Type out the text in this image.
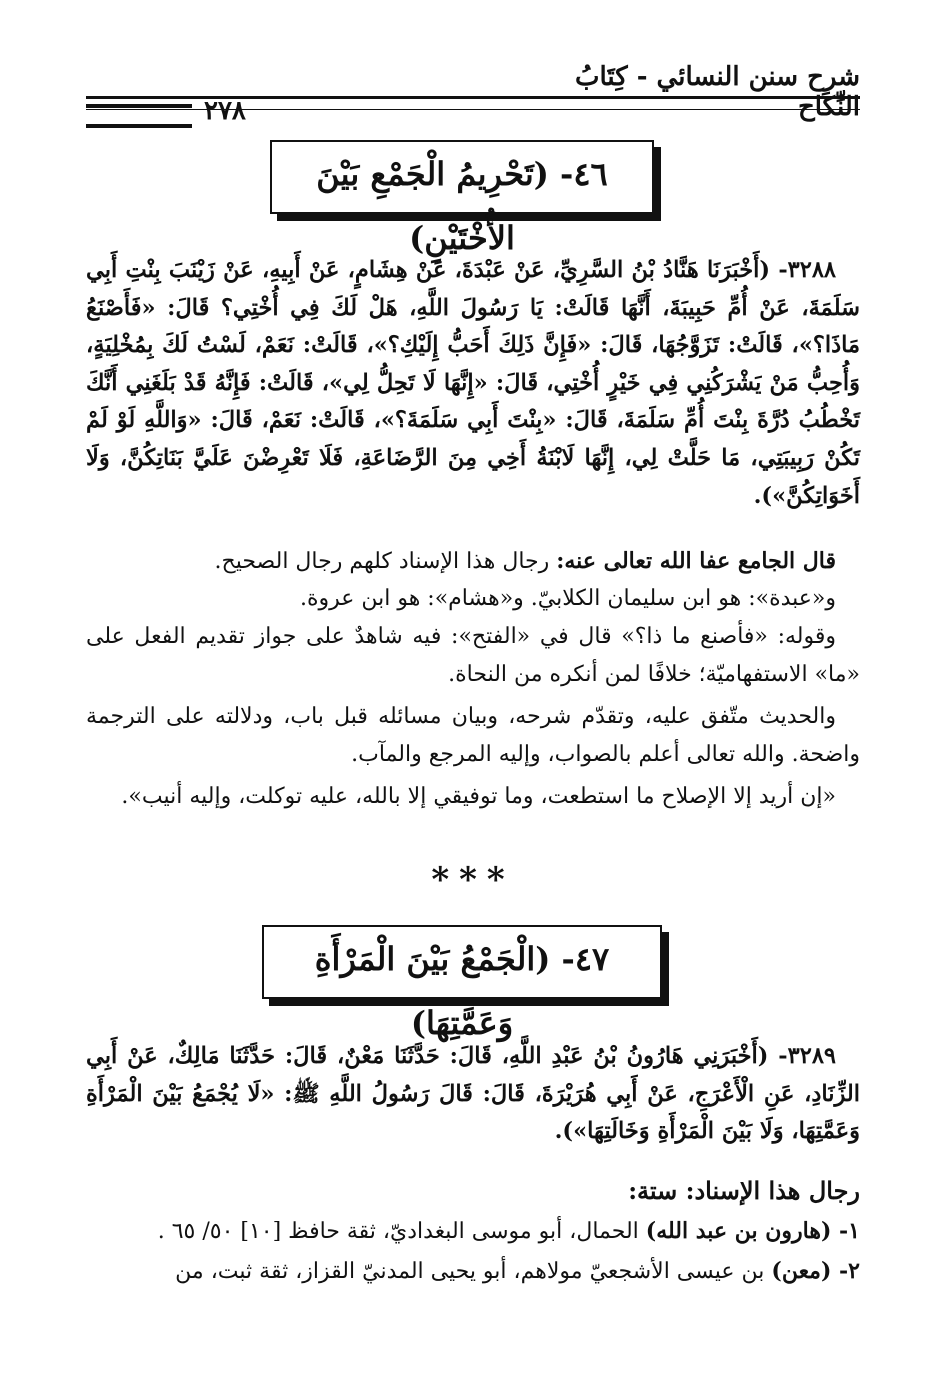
شرح سنن النسائي - كِتَابُ النِّكَاح
٢٧٨
٤٦- (تَحْرِيمُ الْجَمْعِ بَيْنَ الأُخْتَيْنِ)
٣٢٨٨- (أَخْبَرَنَا هَنَّادُ بْنُ السَّرِيِّ، عَنْ عَبْدَةَ، عَنْ هِشَامٍ، عَنْ أَبِيهِ، عَنْ زَيْنَبَ بِنْتِ أَبِي سَلَمَةَ، عَنْ أُمِّ حَبِيبَةَ، أَنَّهَا قَالَتْ: يَا رَسُولَ اللَّهِ، هَلْ لَكَ فِي أُخْتِي؟ قَالَ: «فَأَصْنَعُ مَاذَا؟»، قَالَتْ: تَزَوَّجُهَا، قَالَ: «فَإِنَّ ذَلِكَ أَحَبُّ إِلَيْكِ؟»، قَالَتْ: نَعَمْ، لَسْتُ لَكَ بِمُخْلِيَةٍ، وَأُحِبُّ مَنْ يَشْرَكُنِي فِي خَيْرٍ أُخْتِي، قَالَ: «إِنَّهَا لَا تَحِلُّ لِي»، قَالَتْ: فَإِنَّهُ قَدْ بَلَغَنِي أَنَّكَ تَخْطُبُ دُرَّةَ بِنْتَ أُمِّ سَلَمَةَ، قَالَ: «بِنْتَ أَبِي سَلَمَةَ؟»، قَالَتْ: نَعَمْ، قَالَ: «وَاللَّهِ لَوْ لَمْ تَكُنْ رَبِيبَتِي، مَا حَلَّتْ لِي، إِنَّهَا لَابْنَةُ أَخِي مِنَ الرَّضَاعَةِ، فَلَا تَعْرِضْنَ عَلَيَّ بَنَاتِكُنَّ، وَلَا أَخَوَاتِكُنَّ»).
قال الجامع عفا الله تعالى عنه: رجال هذا الإسناد كلهم رجال الصحيح.
و«عبدة»: هو ابن سليمان الكلابيّ. و«هشام»: هو ابن عروة.
وقوله: «فأصنع ما ذا؟» قال في «الفتح»: فيه شاهدٌ على جواز تقديم الفعل على «ما» الاستفهاميّة؛ خلافًا لمن أنكره من النحاة.
والحديث متّفق عليه، وتقدّم شرحه، وبيان مسائله قبل باب، ودلالته على الترجمة واضحة. والله تعالى أعلم بالصواب، وإليه المرجع والمآب.
«إن أريد إلا الإصلاح ما استطعت، وما توفيقي إلا بالله، عليه توكلت، وإليه أنيب».
***
٤٧- (الْجَمْعُ بَيْنَ الْمَرْأَةِ وَعَمَّتِهَا)
٣٢٨٩- (أَخْبَرَنِي هَارُونُ بْنُ عَبْدِ اللَّهِ، قَالَ: حَدَّثَنَا مَعْنٌ، قَالَ: حَدَّثَنَا مَالِكٌ، عَنْ أَبِي الزِّنَادِ، عَنِ الْأَعْرَجِ، عَنْ أَبِي هُرَيْرَةَ، قَالَ: قَالَ رَسُولُ اللَّهِ ﷺ: «لَا يُجْمَعُ بَيْنَ الْمَرْأَةِ وَعَمَّتِهَا، وَلَا بَيْنَ الْمَرْأَةِ وَخَالَتِهَا»).
رجال هذا الإسناد: ستة:
١- (هارون بن عبد الله) الحمال، أبو موسى البغداديّ، ثقة حافظ [١٠] ٥٠/ ٦٥ .
٢- (معن) بن عيسى الأشجعيّ مولاهم، أبو يحيى المدنيّ القزاز، ثقة ثبت، من
